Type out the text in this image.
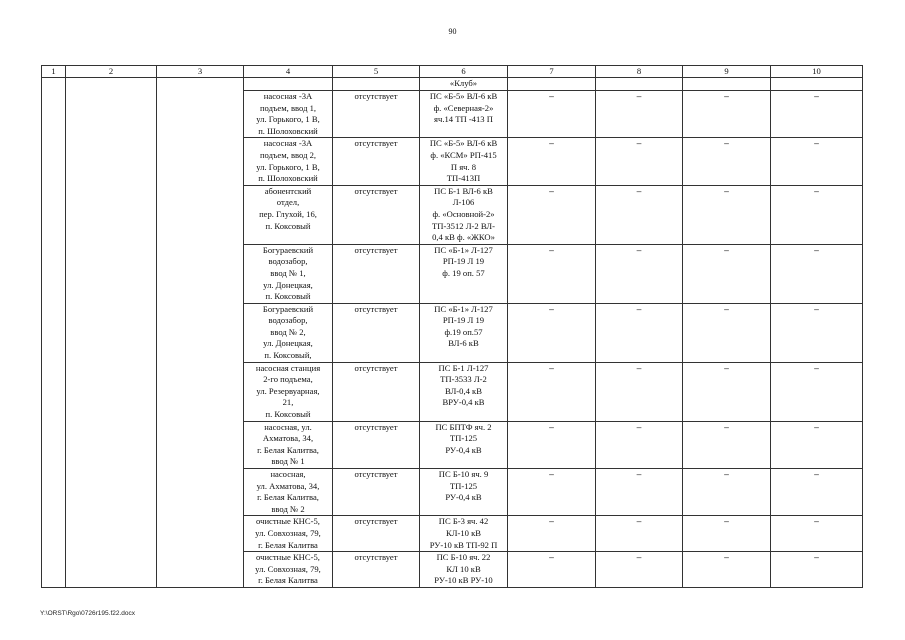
90
1	2	3	4	5	6	7	8	9	10
					«Клуб»				

			насосная -3А
подъем, ввод 1,
ул. Горького, 1 В,
п. Шолоховский	отсутствует	ПС «Б-5» ВЛ-6 кВ
ф. «Северная-2»
яч.14 ТП -413 П	–	–	–	–

			насосная -3А
подъем, ввод 2,
ул. Горького, 1 В,
п. Шолоховский	отсутствует	ПС «Б-5» ВЛ-6 кВ
ф. «КСМ» РП-415
П яч. 8
ТП-413П	–	–	–	–

			абонентский
отдел,
пер. Глухой, 16,
п. Коксовый	отсутствует	ПС Б-1 ВЛ-6 кВ
Л-106
ф. «Основной-2»
ТП-3512 Л-2 ВЛ-
0,4 кВ ф. «ЖКО»	–	–	–	–

			Богураевский
водозабор,
ввод № 1,
ул. Донецкая,
п. Коксовый	отсутствует	ПС «Б-1» Л-127
РП-19 Л 19
ф. 19 оп. 57	–	–	–	–

			Богураевский
водозабор,
ввод № 2,
ул. Донецкая,
п. Коксовый,	отсутствует	ПС «Б-1» Л-127
РП-19 Л 19
ф.19 оп.57
ВЛ-6 кВ	–	–	–	–

			насосная станция
2-го подъема,
ул. Резервуарная,
21,
п. Коксовый	отсутствует	ПС Б-1 Л-127
ТП-3533 Л-2
ВЛ-0,4 кВ
ВРУ-0,4 кВ	–	–	–	–

			насосная, ул.
Ахматова, 34,
г. Белая Калитва,
ввод № 1	отсутствует	ПС БПТФ яч. 2
ТП-125
РУ-0,4 кВ	–	–	–	–

			насосная,
ул. Ахматова, 34,
г. Белая Калитва,
ввод № 2	отсутствует	ПС Б-10 яч. 9
ТП-125
РУ-0,4 кВ	–	–	–	–

			очистные КНС-5,
ул. Совхозная, 79,
г. Белая Калитва	отсутствует	ПС Б-3 яч. 42
КЛ-10 кВ
РУ-10 кВ ТП-92 П	–	–	–	–

			очистные КНС-5,
ул. Совхозная, 79,
г. Белая Калитва	отсутствует	ПС Б-10 яч. 22
КЛ 10 кВ
РУ-10 кВ РУ-10	–	–	–	–
Y:\ORST\Rgo\0726r195.f22.docx
